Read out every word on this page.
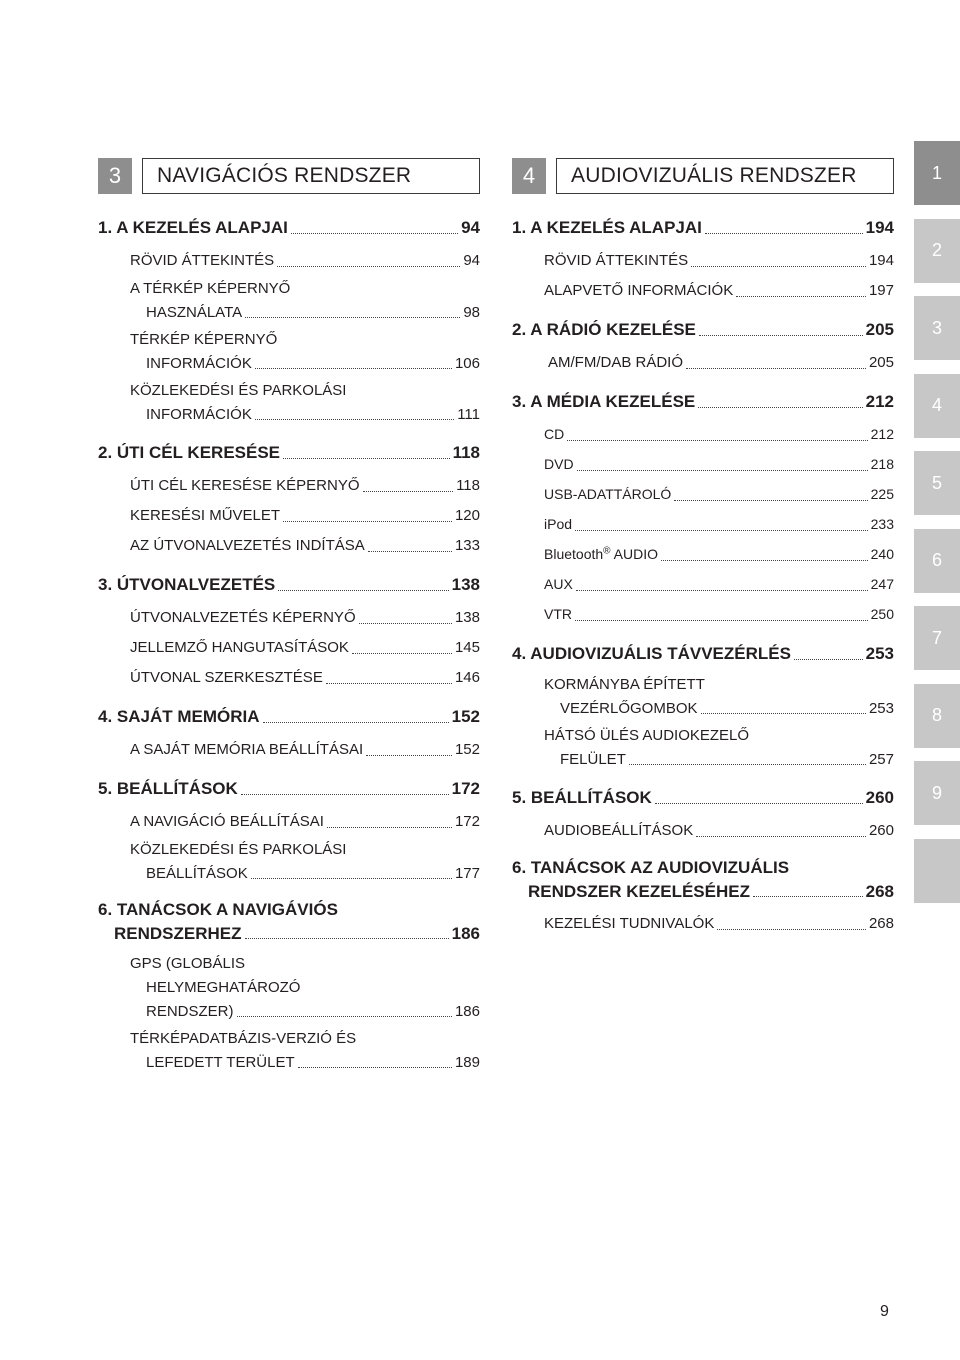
3	NAVIGÁCIÓS RENDSZER
1. A KEZELÉS ALAPJAI	94
RÖVID ÁTTEKINTÉS	94
A TÉRKÉP KÉPERNYŐ
HASZNÁLATA	98
TÉRKÉP KÉPERNYŐ
INFORMÁCIÓK	106
KÖZLEKEDÉSI ÉS PARKOLÁSI
INFORMÁCIÓK	111
2. ÚTI CÉL KERESÉSE	118
ÚTI CÉL KERESÉSE KÉPERNYŐ	118
KERESÉSI MŰVELET	120
AZ ÚTVONALVEZETÉS INDÍTÁSA	133
3. ÚTVONALVEZETÉS	138
ÚTVONALVEZETÉS KÉPERNYŐ	138
JELLEMZŐ HANGUTASÍTÁSOK	145
ÚTVONAL SZERKESZTÉSE	146
4. SAJÁT MEMÓRIA	152
A SAJÁT MEMÓRIA BEÁLLÍTÁSAI	152
5. BEÁLLÍTÁSOK	172
A NAVIGÁCIÓ BEÁLLÍTÁSAI	172
KÖZLEKEDÉSI ÉS PARKOLÁSI
BEÁLLÍTÁSOK	177
6. TANÁCSOK A NAVIGÁVIÓS
RENDSZERHEZ	186
GPS (GLOBÁLIS
HELYMEGHATÁROZÓ
RENDSZER)	186
TÉRKÉPADATBÁZIS-VERZIÓ ÉS
LEFEDETT TERÜLET	189
4	AUDIOVIZUÁLIS RENDSZER
1. A KEZELÉS ALAPJAI	194
RÖVID ÁTTEKINTÉS	194
ALAPVETŐ INFORMÁCIÓK	197
2. A RÁDIÓ KEZELÉSE	205
AM/FM/DAB RÁDIÓ	205
3. A MÉDIA KEZELÉSE	212
CD	212
DVD	218
USB-ADATTÁROLÓ	225
iPod	233
Bluetooth® AUDIO	240
AUX	247
VTR	250
4. AUDIOVIZUÁLIS TÁVVEZÉRLÉS	253
KORMÁNYBA ÉPÍTETT
VEZÉRLŐGOMBOK	253
HÁTSÓ ÜLÉS AUDIOKEZELŐ
FELÜLET	257
5. BEÁLLÍTÁSOK	260
AUDIOBEÁLLÍTÁSOK	260
6. TANÁCSOK AZ AUDIOVIZUÁLIS
RENDSZER KEZELÉSÉHEZ	268
KEZELÉSI TUDNIVALÓK	268
1
2
3
4
5
6
7
8
9
9
